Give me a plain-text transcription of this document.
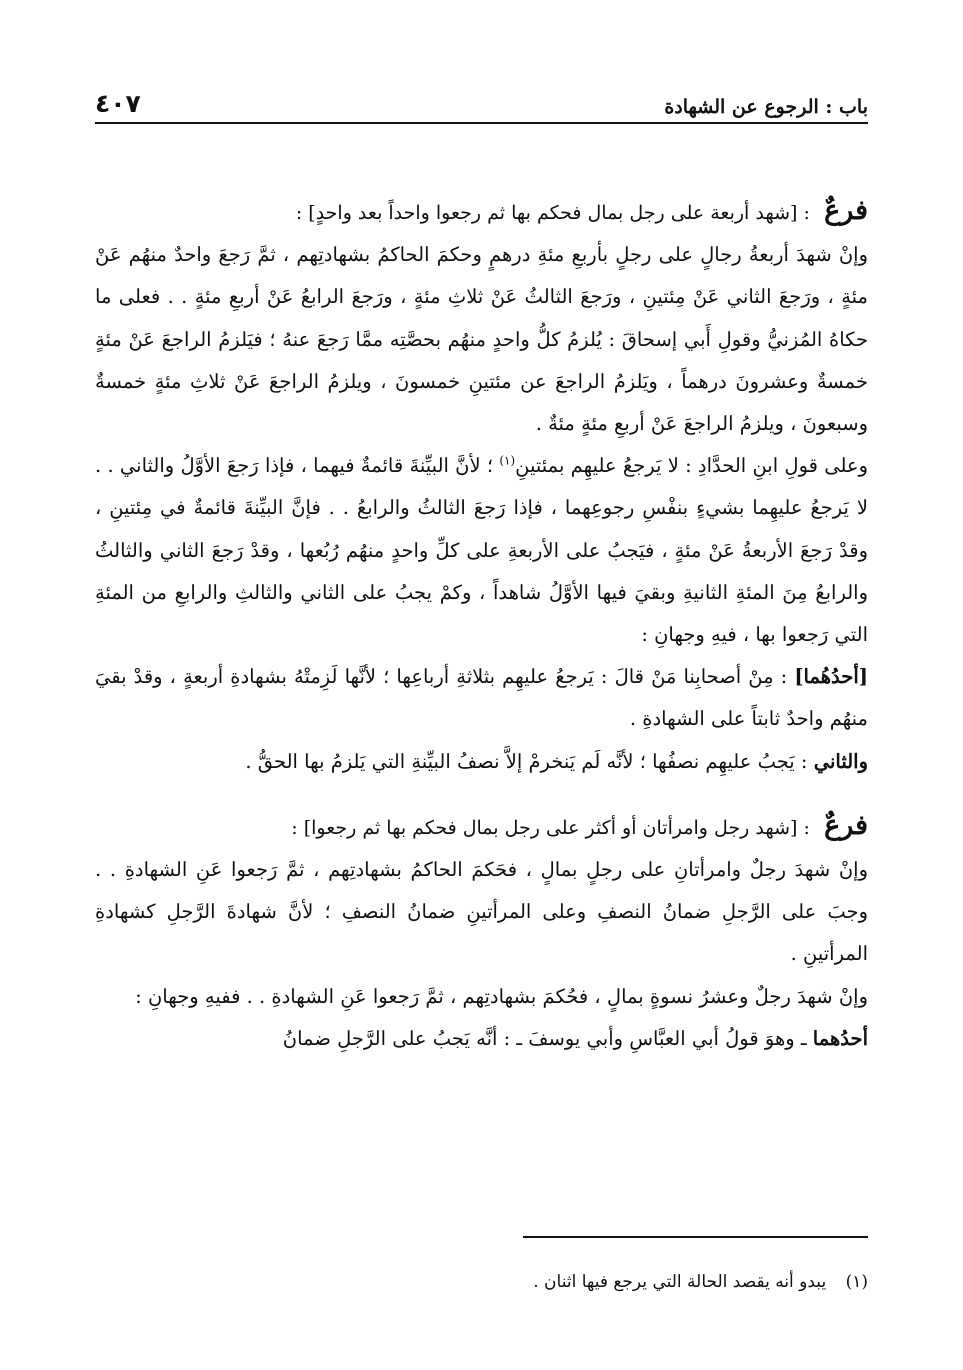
باب : الرجوع عن الشهادة
٤٠٧

فرعٌ : [شهد أربعة على رجل بمال فحكم بها ثم رجعوا واحداً بعد واحدٍ] :

وإنْ شهدَ أربعةُ رجالٍ على رجلٍ بأربعِ مئةِ درهمٍ وحكمَ الحاكمُ بشهادتِهم ، ثمَّ رَجعَ واحدٌ منهُم عَنْ مئةٍ ، ورَجعَ الثاني عَنْ مِئتينِ ، ورَجعَ الثالثُ عَنْ ثلاثِ مئةٍ ، ورَجعَ الرابعُ عَنْ أربعِ مئةٍ . . فعلى ما حكاهُ المُزنيُّ وقولِ أَبي إسحاقَ : يُلزمُ كلُّ واحدٍ منهُم بحصَّتِه ممَّا رَجعَ عنهُ ؛ فيَلزمُ الراجعَ عَنْ مئةٍ خمسةٌ وعشرونَ درهماً ، ويَلزمُ الراجعَ عن مئتينِ خمسونَ ، ويلزمُ الراجعَ عَنْ ثلاثِ مئةٍ خمسةٌ وسبعونَ ، ويلزمُ الراجعَ عَنْ أربعِ مئةٍ مئةٌ .

وعلى قولِ ابنِ الحدَّادِ : لا يَرجعُ عليهِم بمئتينِ$^{(١)}$ ؛ لأنَّ البيِّنةَ قائمةٌ فيهما ، فإذا رَجعَ الأوَّلُ والثاني . . لا يَرجعُ عليهِما بشيءٍ بنفْسِ رجوعِهما ، فإذا رَجعَ الثالثُ والرابعُ . . فإنَّ البيِّنةَ قائمةٌ في مِئتينِ ، وقدْ رَجعَ الأربعةُ عَنْ مئةٍ ، فيَجبُ على الأربعةِ على كلِّ واحدٍ منهُم رُبُعها ، وقدْ رَجعَ الثاني والثالثُ والرابعُ مِنَ المئةِ الثانيةِ وبقيَ فيها الأوَّلُ شاهداً ، وكمْ يجبُ على الثاني والثالثِ والرابعِ من المئةِ التي رَجعوا بها ، فيهِ وجهانِ :

[أحدُهُما] : مِنْ أصحابِنا مَنْ قالَ : يَرجعُ عليهِم بثلاثةِ أرباعِها ؛ لأنَّها لَزِمتْهُ بشهادةِ أربعةٍ ، وقدْ بقيَ منهُم واحدٌ ثابتاً على الشهادةِ .

والثاني : يَجبُ عليهِم نصفُها ؛ لأنَّه لَم يَنخرمْ إلاَّ نصفُ البيِّنةِ التي يَلزمُ بها الحقُّ .

فرعٌ : [شهد رجل وامرأتان أو أكثر على رجل بمال فحكم بها ثم رجعوا] :

وإنْ شهدَ رجلٌ وامرأتانِ على رجلٍ بمالٍ ، فحَكمَ الحاكمُ بشهادتِهم ، ثمَّ رَجعوا عَنِ الشهادةِ . . وجبَ على الرَّجلِ ضمانُ النصفِ وعلى المرأتينِ ضمانُ النصفِ ؛ لأنَّ شهادةَ الرَّجلِ كشهادةِ المرأتينِ .

وإنْ شهدَ رجلٌ وعشرُ نسوةٍ بمالٍ ، فحُكمَ بشهادتِهم ، ثمَّ رَجعوا عَنِ الشهادةِ . . ففيهِ وجهانِ :

أحدُهما ـ وهوَ قولُ أبي العبَّاسِ وأبي يوسفَ ـ : أنَّه يَجبُ على الرَّجلِ ضمانُ

(١) يبدو أنه يقصد الحالة التي يرجع فيها اثنان .
